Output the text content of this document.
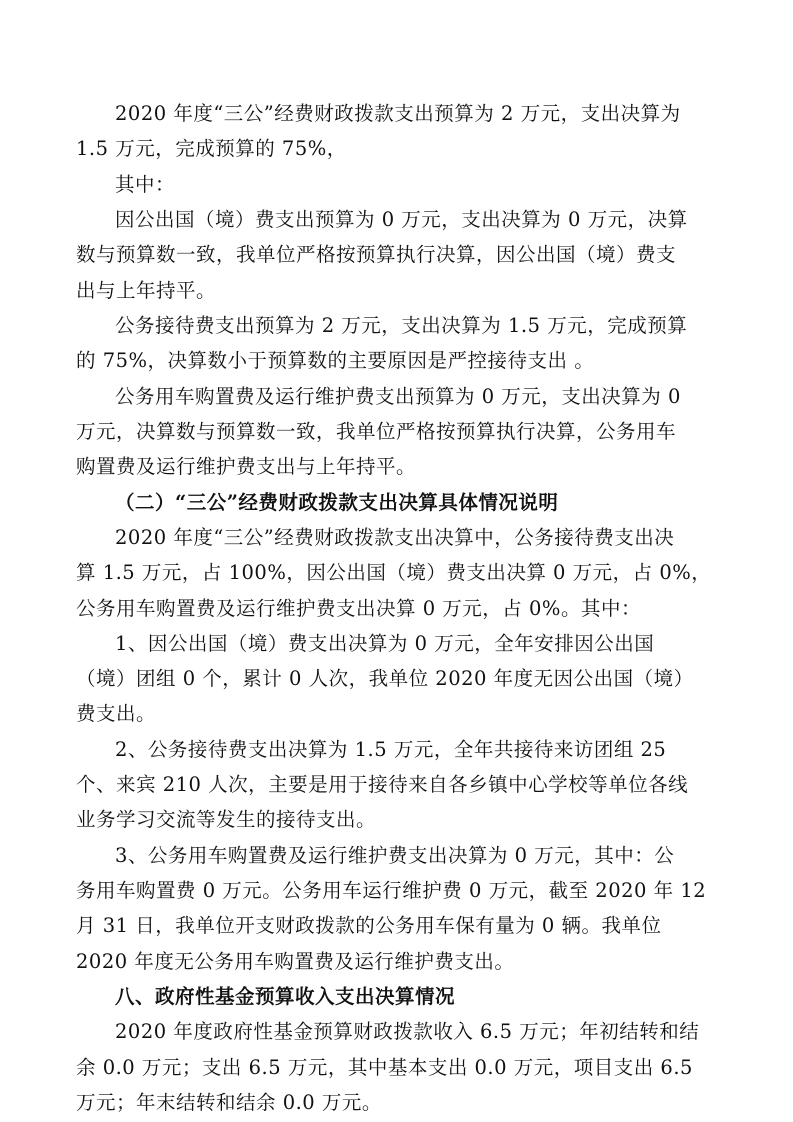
2020 年度“三公”经费财政拨款支出预算为 2 万元，支出决算为
1.5 万元，完成预算的 75%，
其中：
因公出国（境）费支出预算为 0 万元，支出决算为 0 万元，决算
数与预算数一致，我单位严格按预算执行决算，因公出国（境）费支
出与上年持平。
公务接待费支出预算为 2 万元，支出决算为 1.5 万元，完成预算
的 75%，决算数小于预算数的主要原因是严控接待支出 。
公务用车购置费及运行维护费支出预算为 0 万元，支出决算为 0
万元，决算数与预算数一致，我单位严格按预算执行决算，公务用车
购置费及运行维护费支出与上年持平。
（二）“三公”经费财政拨款支出决算具体情况说明
2020 年度“三公”经费财政拨款支出决算中，公务接待费支出决
算 1.5 万元，占 100%，因公出国（境）费支出决算 0 万元，占 0%，
公务用车购置费及运行维护费支出决算 0 万元，占 0%。其中：
1、因公出国（境）费支出决算为 0 万元，全年安排因公出国
（境）团组 0 个，累计 0 人次，我单位 2020 年度无因公出国（境）
费支出。
2、公务接待费支出决算为 1.5 万元，全年共接待来访团组 25
个、来宾 210 人次，主要是用于接待来自各乡镇中心学校等单位各线
业务学习交流等发生的接待支出。
3、公务用车购置费及运行维护费支出决算为 0 万元，其中：公
务用车购置费 0 万元。公务用车运行维护费 0 万元，截至 2020 年 12
月 31 日，我单位开支财政拨款的公务用车保有量为 0 辆。我单位
2020 年度无公务用车购置费及运行维护费支出。
八、政府性基金预算收入支出决算情况
2020 年度政府性基金预算财政拨款收入 6.5 万元；年初结转和结
余 0.0 万元；支出 6.5 万元，其中基本支出 0.0 万元，项目支出 6.5
万元；年末结转和结余 0.0 万元。
